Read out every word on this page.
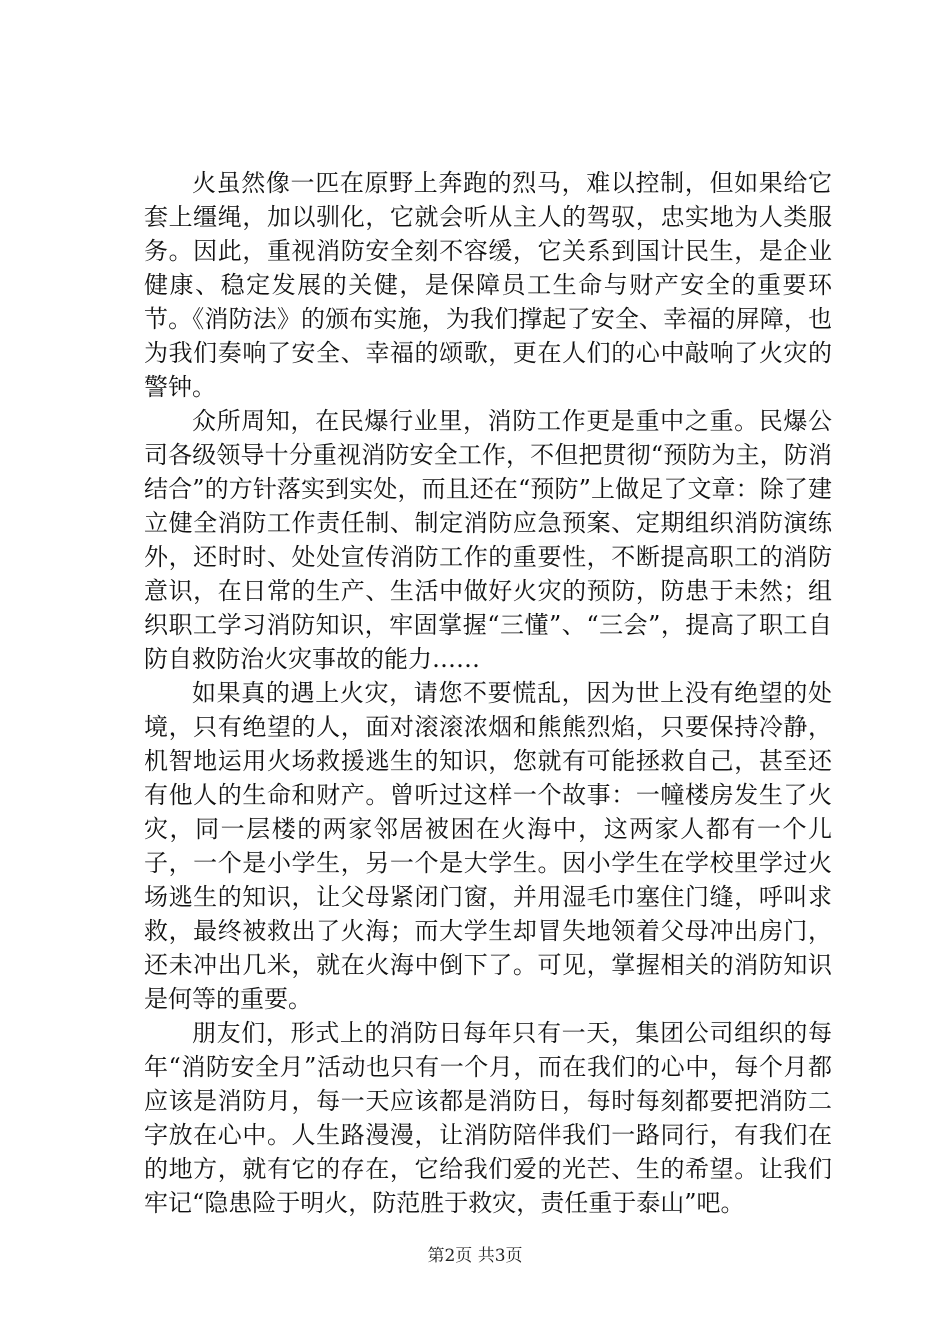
火虽然像一匹在原野上奔跑的烈马，难以控制，但如果给它套上缰绳，加以驯化，它就会听从主人的驾驭，忠实地为人类服务。因此，重视消防安全刻不容缓，它关系到国计民生，是企业健康、稳定发展的关健，是保障员工生命与财产安全的重要环节。《消防法》的颁布实施，为我们撑起了安全、幸福的屏障，也为我们奏响了安全、幸福的颂歌，更在人们的心中敲响了火灾的警钟。

众所周知，在民爆行业里，消防工作更是重中之重。民爆公司各级领导十分重视消防安全工作，不但把贯彻“预防为主，防消结合”的方针落实到实处，而且还在“预防”上做足了文章：除了建立健全消防工作责任制、制定消防应急预案、定期组织消防演练外，还时时、处处宣传消防工作的重要性，不断提高职工的消防意识，在日常的生产、生活中做好火灾的预防，防患于未然；组织职工学习消防知识，牢固掌握“三懂”、“三会”，提高了职工自防自救防治火灾事故的能力……

如果真的遇上火灾，请您不要慌乱，因为世上没有绝望的处境，只有绝望的人，面对滚滚浓烟和熊熊烈焰，只要保持冷静，机智地运用火场救援逃生的知识，您就有可能拯救自己，甚至还有他人的生命和财产。曾听过这样一个故事：一幢楼房发生了火灾，同一层楼的两家邻居被困在火海中，这两家人都有一个儿子，一个是小学生，另一个是大学生。因小学生在学校里学过火场逃生的知识，让父母紧闭门窗，并用湿毛巾塞住门缝，呼叫求救，最终被救出了火海；而大学生却冒失地领着父母冲出房门，还未冲出几米，就在火海中倒下了。可见，掌握相关的消防知识是何等的重要。

朋友们，形式上的消防日每年只有一天，集团公司组织的每年“消防安全月”活动也只有一个月，而在我们的心中，每个月都应该是消防月，每一天应该都是消防日，每时每刻都要把消防二字放在心中。人生路漫漫，让消防陪伴我们一路同行，有我们在的地方，就有它的存在，它给我们爱的光芒、生的希望。让我们牢记“隐患险于明火，防范胜于救灾，责任重于泰山”吧。

第2页 共3页
